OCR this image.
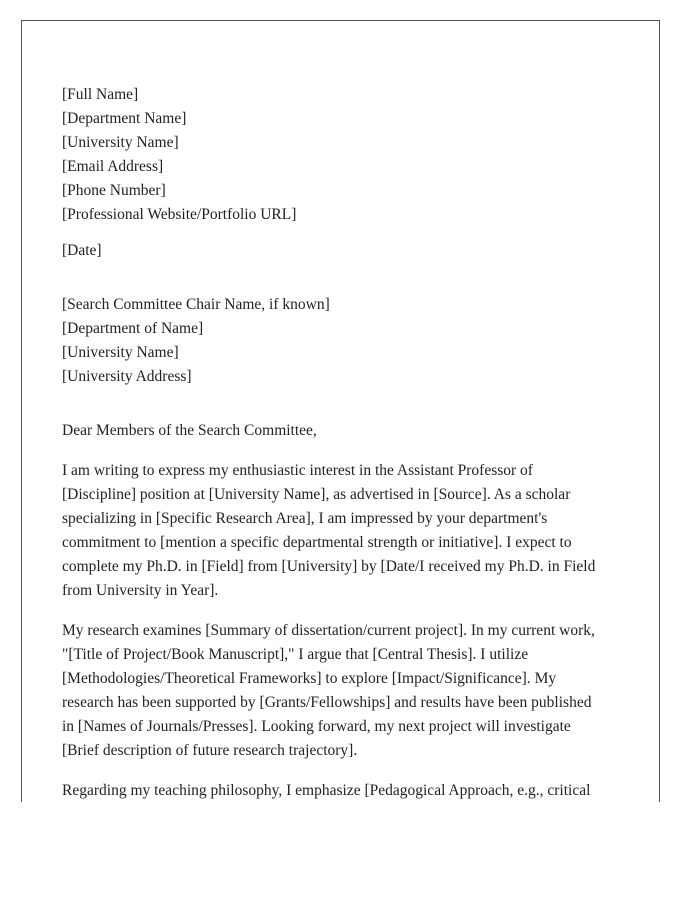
[Full Name]
[Department Name]
[University Name]
[Email Address]
[Phone Number]
[Professional Website/Portfolio URL]
[Date]
[Search Committee Chair Name, if known]
[Department of Name]
[University Name]
[University Address]
Dear Members of the Search Committee,

I am writing to express my enthusiastic interest in the Assistant Professor of
[Discipline] position at [University Name], as advertised in [Source]. As a scholar
specializing in [Specific Research Area], I am impressed by your department's
commitment to [mention a specific departmental strength or initiative]. I expect to
complete my Ph.D. in [Field] from [University] by [Date/I received my Ph.D. in Field
from University in Year].

My research examines [Summary of dissertation/current project]. In my current work,
"[Title of Project/Book Manuscript]," I argue that [Central Thesis]. I utilize
[Methodologies/Theoretical Frameworks] to explore [Impact/Significance]. My
research has been supported by [Grants/Fellowships] and results have been published
in [Names of Journals/Presses]. Looking forward, my next project will investigate
[Brief description of future research trajectory].

Regarding my teaching philosophy, I emphasize [Pedagogical Approach, e.g., critical
